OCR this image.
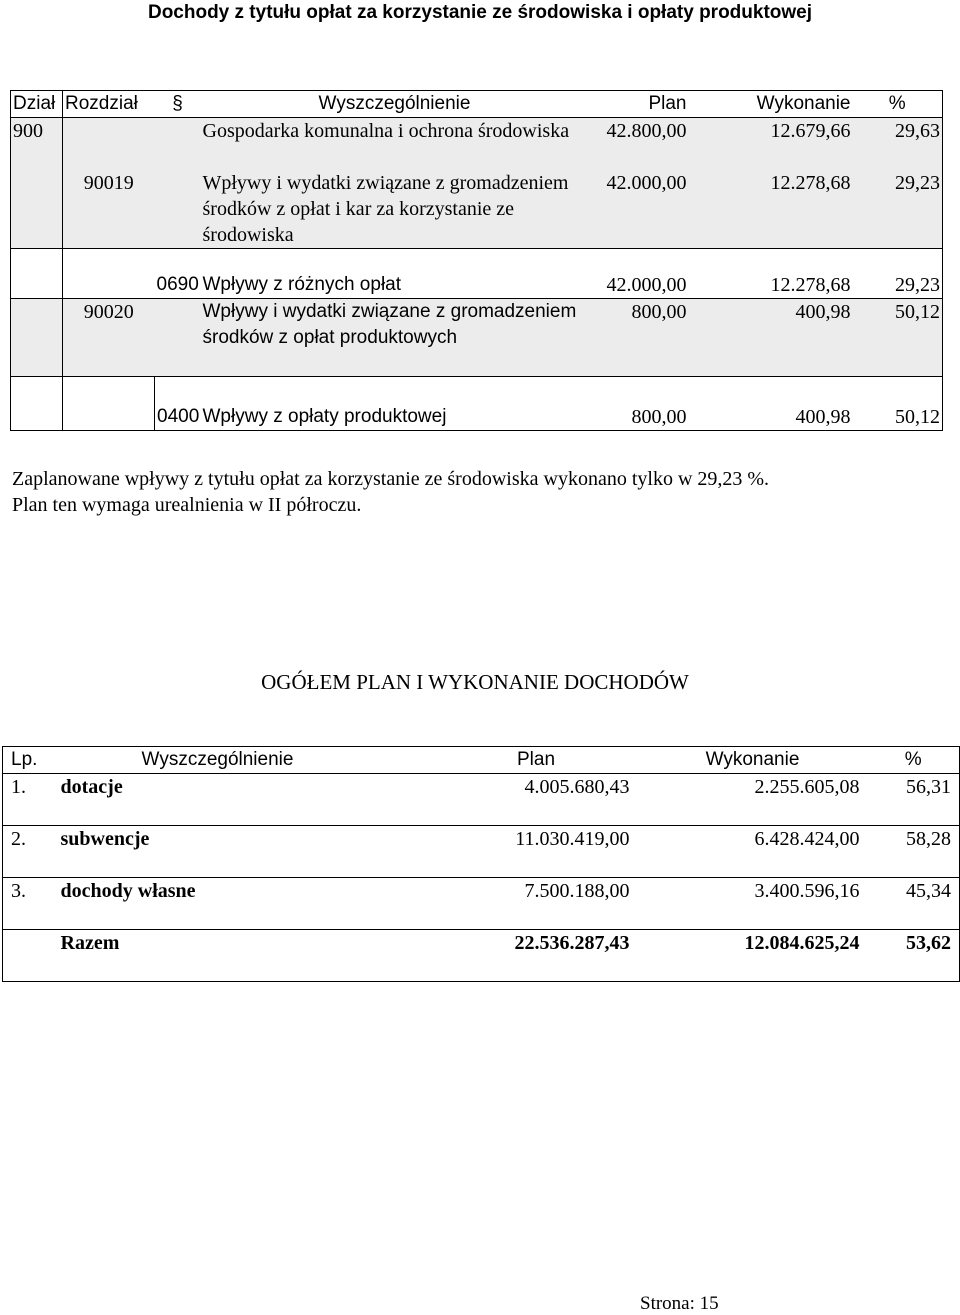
Dochody z tytułu opłat za korzystanie ze środowiska i opłaty produktowej
Dział	Rozdział	§	Wyszczególnienie	Plan	Wykonanie	%
900			Gospodarka komunalna i ochrona środowiska	42.800,00	12.679,66	29,63
	90019		Wpływy i wydatki związane z gromadzeniem środków z opłat i kar za korzystanie ze środowiska	42.000,00	12.278,68	29,23
		0690	Wpływy z różnych opłat	42.000,00	12.278,68	29,23
	90020		Wpływy i wydatki związane z gromadzeniem środków z opłat produktowych	800,00	400,98	50,12
		0400	Wpływy z opłaty produktowej	800,00	400,98	50,12
Zaplanowane wpływy z tytułu opłat za korzystanie ze środowiska wykonano tylko w 29,23 %.
Plan ten wymaga urealnienia w II półroczu.
OGÓŁEM PLAN I WYKONANIE DOCHODÓW
Lp.	Wyszczególnienie	Plan	Wykonanie	%
1.	dotacje	4.005.680,43	2.255.605,08	56,31
2.	subwencje	11.030.419,00	6.428.424,00	58,28
3.	dochody własne	7.500.188,00	3.400.596,16	45,34
	Razem	22.536.287,43	12.084.625,24	53,62
Strona: 15
